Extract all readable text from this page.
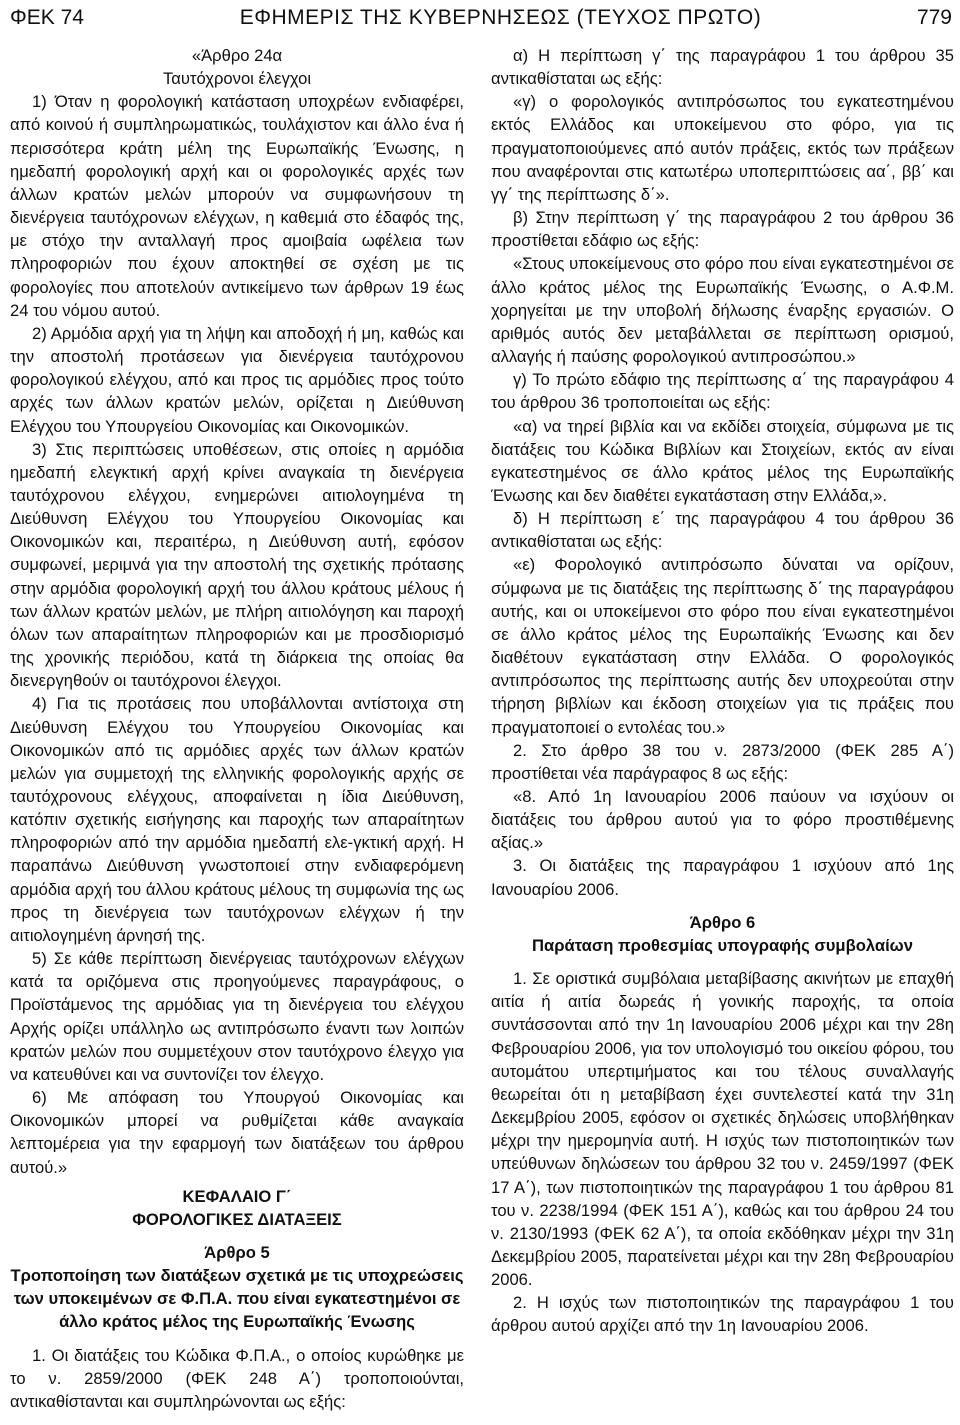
ΦΕΚ 74	ΕΦΗΜΕΡΙΣ ΤΗΣ ΚΥΒΕΡΝΗΣΕΩΣ (ΤΕΥΧΟΣ ΠΡΩΤΟ)	779

«Άρθρο 24α

Ταυτόχρονοι έλεγχοι

1) Όταν η φορολογική κατάσταση υποχρέων ενδιαφέρει, από κοινού ή συμπληρωματικώς, τουλάχιστον και άλλο ένα ή περισσότερα κράτη μέλη της Ευρωπαϊκής Ένωσης, η ημεδαπή φορολογική αρχή και οι φορολογικές αρχές των άλλων κρατών μελών μπορούν να συμφωνήσουν τη διενέργεια ταυτόχρονων ελέγχων, η καθεμιά στο έδαφός της, με στόχο την ανταλλαγή προς αμοιβαία ωφέλεια των πληροφοριών που έχουν αποκτηθεί σε σχέση με τις φορολογίες που αποτελούν αντικείμενο των άρθρων 19 έως 24 του νόμου αυτού.

2) Αρμόδια αρχή για τη λήψη και αποδοχή ή μη, καθώς και την αποστολή προτάσεων για διενέργεια ταυτόχρονου φορολογικού ελέγχου, από και προς τις αρμόδιες προς τούτο αρχές των άλλων κρατών μελών, ορίζεται η Διεύθυνση Ελέγχου του Υπουργείου Οικονομίας και Οικονομικών.

3) Στις περιπτώσεις υποθέσεων, στις οποίες η αρμόδια ημεδαπή ελεγκτική αρχή κρίνει αναγκαία τη διενέργεια ταυτόχρονου ελέγχου, ενημερώνει αιτιολογημένα τη Διεύθυνση Ελέγχου του Υπουργείου Οικονομίας και Οικονομικών και, περαιτέρω, η Διεύθυνση αυτή, εφόσον συμφωνεί, μεριμνά για την αποστολή της σχετικής πρότασης στην αρμόδια φορολογική αρχή του άλλου κράτους μέλους ή των άλλων κρατών μελών, με πλήρη αιτιολόγηση και παροχή όλων των απαραίτητων πληροφοριών και με προσδιορισμό της χρονικής περιόδου, κατά τη διάρκεια της οποίας θα διενεργηθούν οι ταυτόχρονοι έλεγχοι.

4) Για τις προτάσεις που υποβάλλονται αντίστοιχα στη Διεύθυνση Ελέγχου του Υπουργείου Οικονομίας και Οικονομικών από τις αρμόδιες αρχές των άλλων κρατών μελών για συμμετοχή της ελληνικής φορολογικής αρχής σε ταυτόχρονους ελέγχους, αποφαίνεται η ίδια Διεύθυνση, κατόπιν σχετικής εισήγησης και παροχής των απαραίτητων πληροφοριών από την αρμόδια ημεδαπή ελε-γκτική αρχή. Η παραπάνω Διεύθυνση γνωστοποιεί στην ενδιαφερόμενη αρμόδια αρχή του άλλου κράτους μέλους τη συμφωνία της ως προς τη διενέργεια των ταυτόχρονων ελέγχων ή την αιτιολογημένη άρνησή της.

5) Σε κάθε περίπτωση διενέργειας ταυτόχρονων ελέγχων κατά τα οριζόμενα στις προηγούμενες παραγράφους, ο Προϊστάμενος της αρμόδιας για τη διενέργεια του ελέγχου Αρχής ορίζει υπάλληλο ως αντιπρόσωπο έναντι των λοιπών κρατών μελών που συμμετέχουν στον ταυτόχρονο έλεγχο για να κατευθύνει και να συντονίζει τον έλεγχο.

6) Με απόφαση του Υπουργού Οικονομίας και Οικονομικών μπορεί να ρυθμίζεται κάθε αναγκαία λεπτομέρεια για την εφαρμογή των διατάξεων του άρθρου αυτού.»

ΚΕΦΑΛΑΙΟ Γ΄

ΦΟΡΟΛΟΓΙΚΕΣ ΔΙΑΤΑΞΕΙΣ

Άρθρο 5

Τροποποίηση των διατάξεων σχετικά με τις υποχρεώσεις των υποκειμένων σε Φ.Π.Α. που είναι εγκατεστημένοι σε άλλο κράτος μέλος της Ευρωπαϊκής Ένωσης

1. Οι διατάξεις του Κώδικα Φ.Π.Α., ο οποίος κυρώθηκε με το ν. 2859/2000 (ΦΕΚ 248 Α΄) τροποποιούνται, αντικαθίστανται και συμπληρώνονται ως εξής:

α) Η περίπτωση γ΄ της παραγράφου 1 του άρθρου 35 αντικαθίσταται ως εξής:

«γ) ο φορολογικός αντιπρόσωπος του εγκατεστημένου εκτός Ελλάδος και υποκείμενου στο φόρο, για τις πραγματοποιούμενες από αυτόν πράξεις, εκτός των πράξεων που αναφέρονται στις κατωτέρω υποπεριπτώσεις αα΄, ββ΄ και γγ΄ της περίπτωσης δ΄».

β) Στην περίπτωση γ΄ της παραγράφου 2 του άρθρου 36 προστίθεται εδάφιο ως εξής:

«Στους υποκείμενους στο φόρο που είναι εγκατεστημένοι σε άλλο κράτος μέλος της Ευρωπαϊκής Ένωσης, ο Α.Φ.Μ. χορηγείται με την υποβολή δήλωσης έναρξης εργασιών. Ο αριθμός αυτός δεν μεταβάλλεται σε περίπτωση ορισμού, αλλαγής ή παύσης φορολογικού αντιπροσώπου.»

γ) Το πρώτο εδάφιο της περίπτωσης α΄ της παραγράφου 4 του άρθρου 36 τροποποιείται ως εξής:

«α) να τηρεί βιβλία και να εκδίδει στοιχεία, σύμφωνα με τις διατάξεις του Κώδικα Βιβλίων και Στοιχείων, εκτός αν είναι εγκατεστημένος σε άλλο κράτος μέλος της Ευρωπαϊκής Ένωσης και δεν διαθέτει εγκατάσταση στην Ελλάδα,».

δ) Η περίπτωση ε΄ της παραγράφου 4 του άρθρου 36 αντικαθίσταται ως εξής:

«ε) Φορολογικό αντιπρόσωπο δύναται να ορίζουν, σύμφωνα με τις διατάξεις της περίπτωσης δ΄ της παραγράφου αυτής, και οι υποκείμενοι στο φόρο που είναι εγκατεστημένοι σε άλλο κράτος μέλος της Ευρωπαϊκής Ένωσης και δεν διαθέτουν εγκατάσταση στην Ελλάδα. Ο φορολογικός αντιπρόσωπος της περίπτωσης αυτής δεν υποχρεούται στην τήρηση βιβλίων και έκδοση στοιχείων για τις πράξεις που πραγματοποιεί ο εντολέας του.»

2. Στο άρθρο 38 του ν. 2873/2000 (ΦΕΚ 285 Α΄) προστίθεται νέα παράγραφος 8 ως εξής:

«8. Από 1η Ιανουαρίου 2006 παύουν να ισχύουν οι διατάξεις του άρθρου αυτού για το φόρο προστιθέμενης αξίας.»

3. Οι διατάξεις της παραγράφου 1 ισχύουν από 1ης Ιανουαρίου 2006.

Άρθρο 6

Παράταση προθεσμίας υπογραφής συμβολαίων

1. Σε οριστικά συμβόλαια μεταβίβασης ακινήτων με επαχθή αιτία ή αιτία δωρεάς ή γονικής παροχής, τα οποία συντάσσονται από την 1η Ιανουαρίου 2006 μέχρι και την 28η Φεβρουαρίου 2006, για τον υπολογισμό του οικείου φόρου, του αυτομάτου υπερτιμήματος και του τέλους συναλλαγής θεωρείται ότι η μεταβίβαση έχει συντελεστεί κατά την 31η Δεκεμβρίου 2005, εφόσον οι σχετικές δηλώσεις υποβλήθηκαν μέχρι την ημερομηνία αυτή. Η ισχύς των πιστοποιητικών των υπεύθυνων δηλώσεων του άρθρου 32 του ν. 2459/1997 (ΦΕΚ 17 Α΄), των πιστοποιητικών της παραγράφου 1 του άρθρου 81 του ν. 2238/1994 (ΦΕΚ 151 Α΄), καθώς και του άρθρου 24 του ν. 2130/1993 (ΦΕΚ 62 Α΄), τα οποία εκδόθηκαν μέχρι την 31η Δεκεμβρίου 2005, παρατείνεται μέχρι και την 28η Φεβρουαρίου 2006.

2. Η ισχύς των πιστοποιητικών της παραγράφου 1 του άρθρου αυτού αρχίζει από την 1η Ιανουαρίου 2006.
